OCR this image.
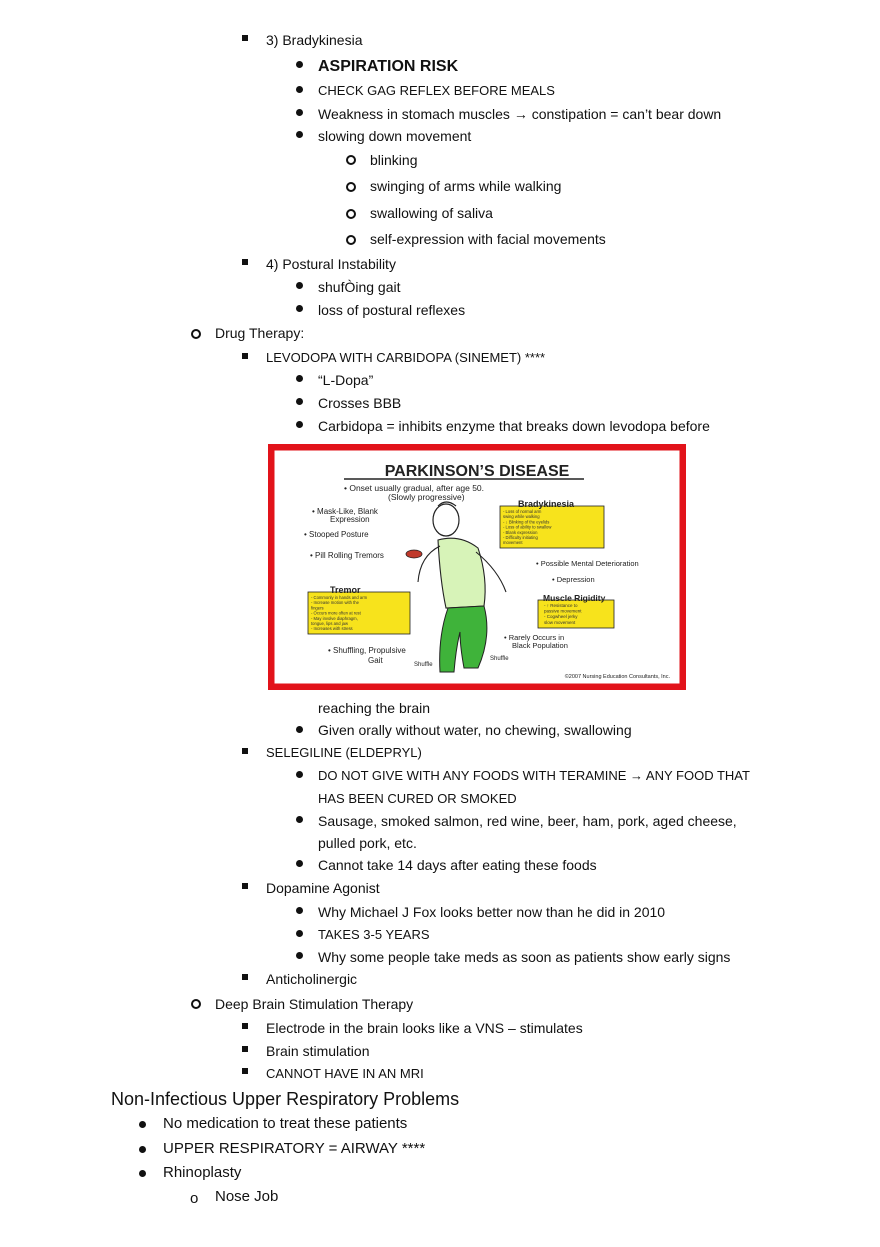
3) Bradykinesia
ASPIRATION RISK
CHECK GAG REFLEX BEFORE MEALS
Weakness in stomach muscles → constipation = can’t bear down
slowing down movement
blinking
swinging of arms while walking
swallowing of saliva
self-expression with facial movements
4) Postural Instability
shufÒing gait
loss of postural reflexes
Drug Therapy:
LEVODOPA WITH CARBIDOPA (SINEMET) ****
“L-Dopa”
Crosses BBB
Carbidopa = inhibits enzyme that breaks down levodopa before
PARKINSON’S DISEASE
• Onset usually gradual, after age 50.
(Slowly progressive)
• Mask-Like, Blank
Expression
• Stooped Posture
• Pill Rolling Tremors
• Possible Mental Deterioration
• Depression
• Rarely Occurs in
Black Population
• Shuffling, Propulsive
Gait	Shuffle
Shuffle
©2007 Nursing Education Consultants, Inc.
Tremor
- Commonly in hands and arm
- Increase motion with the
fingers
- Occurs more often at rest
- May involve diaphragm,
tongue, lips and jaw
- Increases with stress
Bradykinesia
- Loss of normal arm
swing while walking
- ↓ Blinking of the eyelids
- Loss of ability to swallow
- Blank expression
- Difficulty initiating
movement
Muscle Rigidity
- ↑ Resistance to
passive movement
- Cogwheel jerky
slow movement
reaching the brain
Given orally without water, no chewing, swallowing
SELEGILINE (ELDEPRYL)
DO NOT GIVE WITH ANY FOODS WITH TERAMINE → ANY FOOD THAT
HAS BEEN CURED OR SMOKED
Sausage, smoked salmon, red wine, beer, ham, pork, aged cheese,
pulled pork, etc.
Cannot take 14 days after eating these foods
Dopamine Agonist
Why Michael J Fox looks better now than he did in 2010
TAKES 3-5 YEARS
Why some people take meds as soon as patients show early signs
Anticholinergic
Deep Brain Stimulation Therapy
Electrode in the brain looks like a VNS – stimulates
Brain stimulation
CANNOT HAVE IN AN MRI
Non-Infectious Upper Respiratory Problems
No medication to treat these patients
UPPER RESPIRATORY = AIRWAY ****
Rhinoplasty
o Nose Job
